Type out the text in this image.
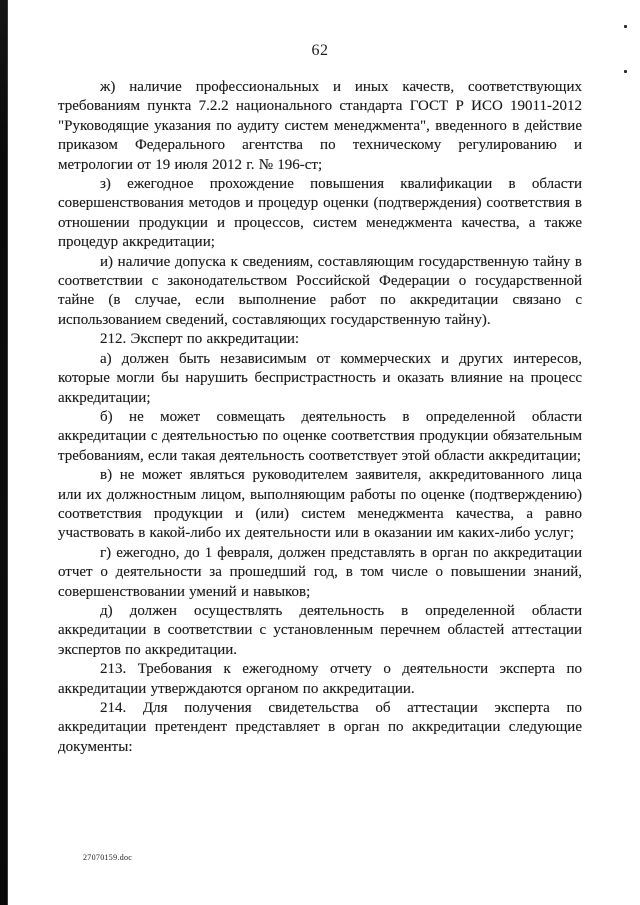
62

ж) наличие профессиональных и иных качеств, соответствующих требованиям пункта 7.2.2 национального стандарта ГОСТ Р ИСО 19011-2012 "Руководящие указания по аудиту систем менеджмента", введенного в действие приказом Федерального агентства по техническому регулированию и метрологии от 19 июля 2012 г. № 196-ст;

з) ежегодное прохождение повышения квалификации в области совершенствования методов и процедур оценки (подтверждения) соответствия в отношении продукции и процессов, систем менеджмента качества, а также процедур аккредитации;

и) наличие допуска к сведениям, составляющим государственную тайну в соответствии с законодательством Российской Федерации о государственной тайне (в случае, если выполнение работ по аккредитации связано с использованием сведений, составляющих государственную тайну).

212. Эксперт по аккредитации:

а) должен быть независимым от коммерческих и других интересов, которые могли бы нарушить беспристрастность и оказать влияние на процесс аккредитации;

б) не может совмещать деятельность в определенной области аккредитации с деятельностью по оценке соответствия продукции обязательным требованиям, если такая деятельность соответствует этой области аккредитации;

в) не может являться руководителем заявителя, аккредитованного лица или их должностным лицом, выполняющим работы по оценке (подтверждению) соответствия продукции и (или) систем менеджмента качества, а равно участвовать в какой-либо их деятельности или в оказании им каких-либо услуг;

г) ежегодно, до 1 февраля, должен представлять в орган по аккредитации отчет о деятельности за прошедший год, в том числе о повышении знаний, совершенствовании умений и навыков;

д) должен осуществлять деятельность в определенной области аккредитации в соответствии с установленным перечнем областей аттестации экспертов по аккредитации.

213. Требования к ежегодному отчету о деятельности эксперта по аккредитации утверждаются органом по аккредитации.

214. Для получения свидетельства об аттестации эксперта по аккредитации претендент представляет в орган по аккредитации следующие документы:

27070159.doc
